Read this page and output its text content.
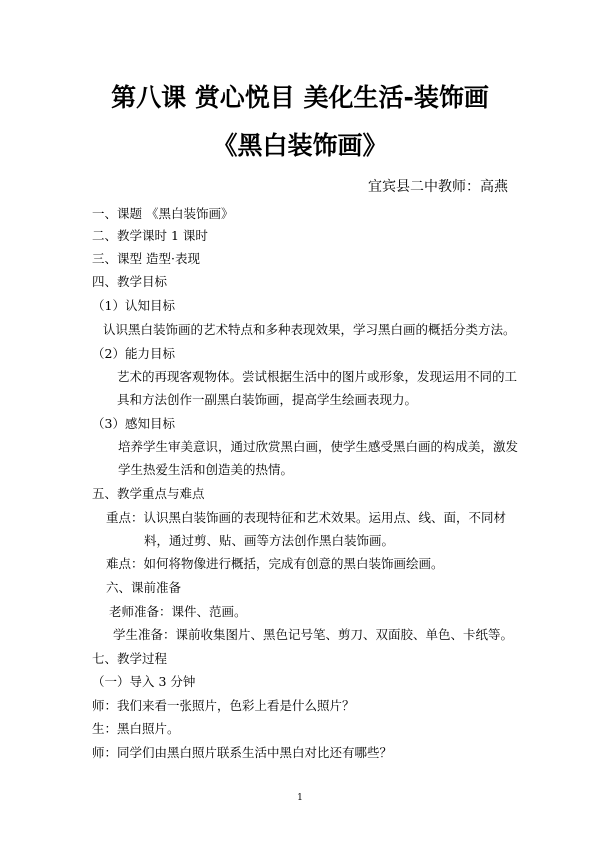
第八课 赏心悦目 美化生活-装饰画
《黑白装饰画》
宜宾县二中教师：高燕
一、课题 《黑白装饰画》
二、教学课时 1 课时
三、课型 造型·表现
四、教学目标
（1）认知目标
认识黑白装饰画的艺术特点和多种表现效果，学习黑白画的概括分类方法。
（2）能力目标
艺术的再现客观物体。尝试根据生活中的图片或形象，发现运用不同的工
具和方法创作一副黑白装饰画，提高学生绘画表现力。
（3）感知目标
培养学生审美意识，通过欣赏黑白画，使学生感受黑白画的构成美，激发
学生热爱生活和创造美的热情。
五、教学重点与难点
重点：认识黑白装饰画的表现特征和艺术效果。运用点、线、面，不同材
料，通过剪、贴、画等方法创作黑白装饰画。
难点：如何将物像进行概括，完成有创意的黑白装饰画绘画。
六、课前准备
老师准备：课件、范画。
学生准备：课前收集图片、黑色记号笔、剪刀、双面胶、单色、卡纸等。
七、教学过程
（一）导入 3 分钟
师：我们来看一张照片，色彩上看是什么照片？
生：黑白照片。
师：同学们由黑白照片联系生活中黑白对比还有哪些？
1
